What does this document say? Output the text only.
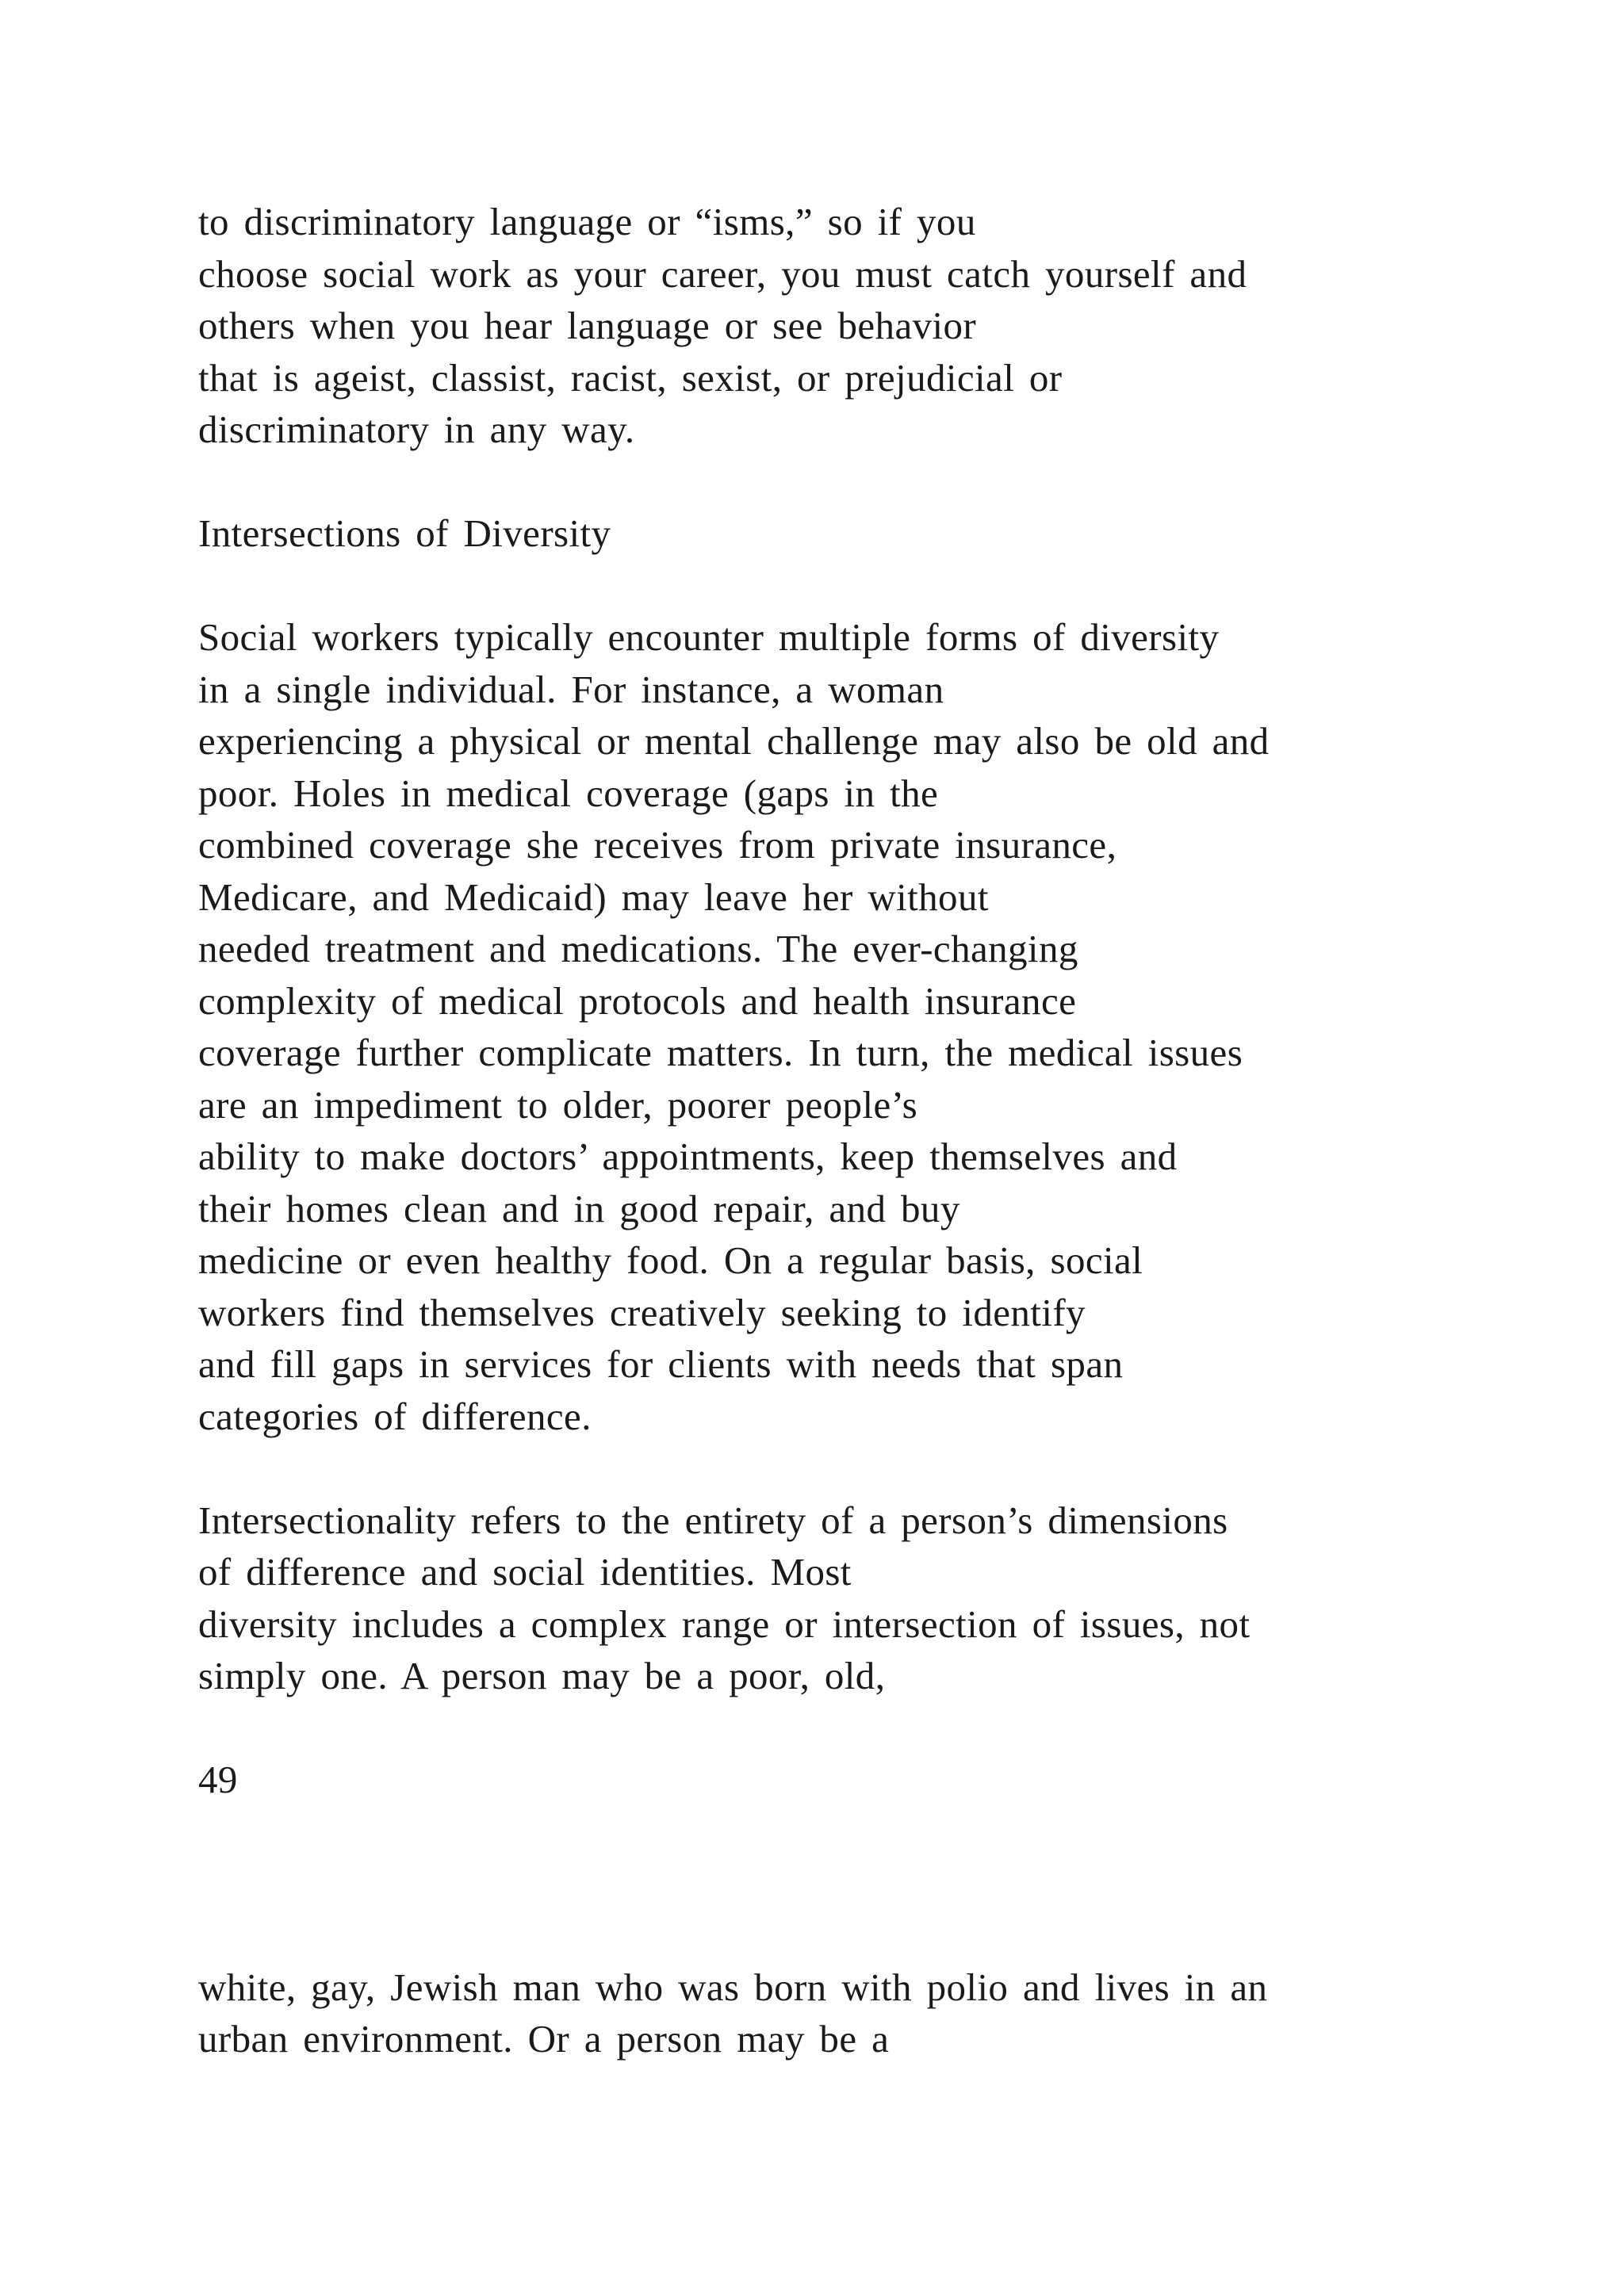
to discriminatory language or “isms,” so if you
choose social work as your career, you must catch yourself and
others when you hear language or see behavior
that is ageist, classist, racist, sexist, or prejudicial or
discriminatory in any way.
Intersections of Diversity
Social workers typically encounter multiple forms of diversity
in a single individual. For instance, a woman
experiencing a physical or mental challenge may also be old and
poor. Holes in medical coverage (gaps in the
combined coverage she receives from private insurance,
Medicare, and Medicaid) may leave her without
needed treatment and medications. The ever-changing
complexity of medical protocols and health insurance
coverage further complicate matters. In turn, the medical issues
are an impediment to older, poorer people’s
ability to make doctors’ appointments, keep themselves and
their homes clean and in good repair, and buy
medicine or even healthy food. On a regular basis, social
workers find themselves creatively seeking to identify
and fill gaps in services for clients with needs that span
categories of difference.
Intersectionality refers to the entirety of a person’s dimensions
of difference and social identities. Most
diversity includes a complex range or intersection of issues, not
simply one. A person may be a poor, old,
49
white, gay, Jewish man who was born with polio and lives in an
urban environment. Or a person may be a
